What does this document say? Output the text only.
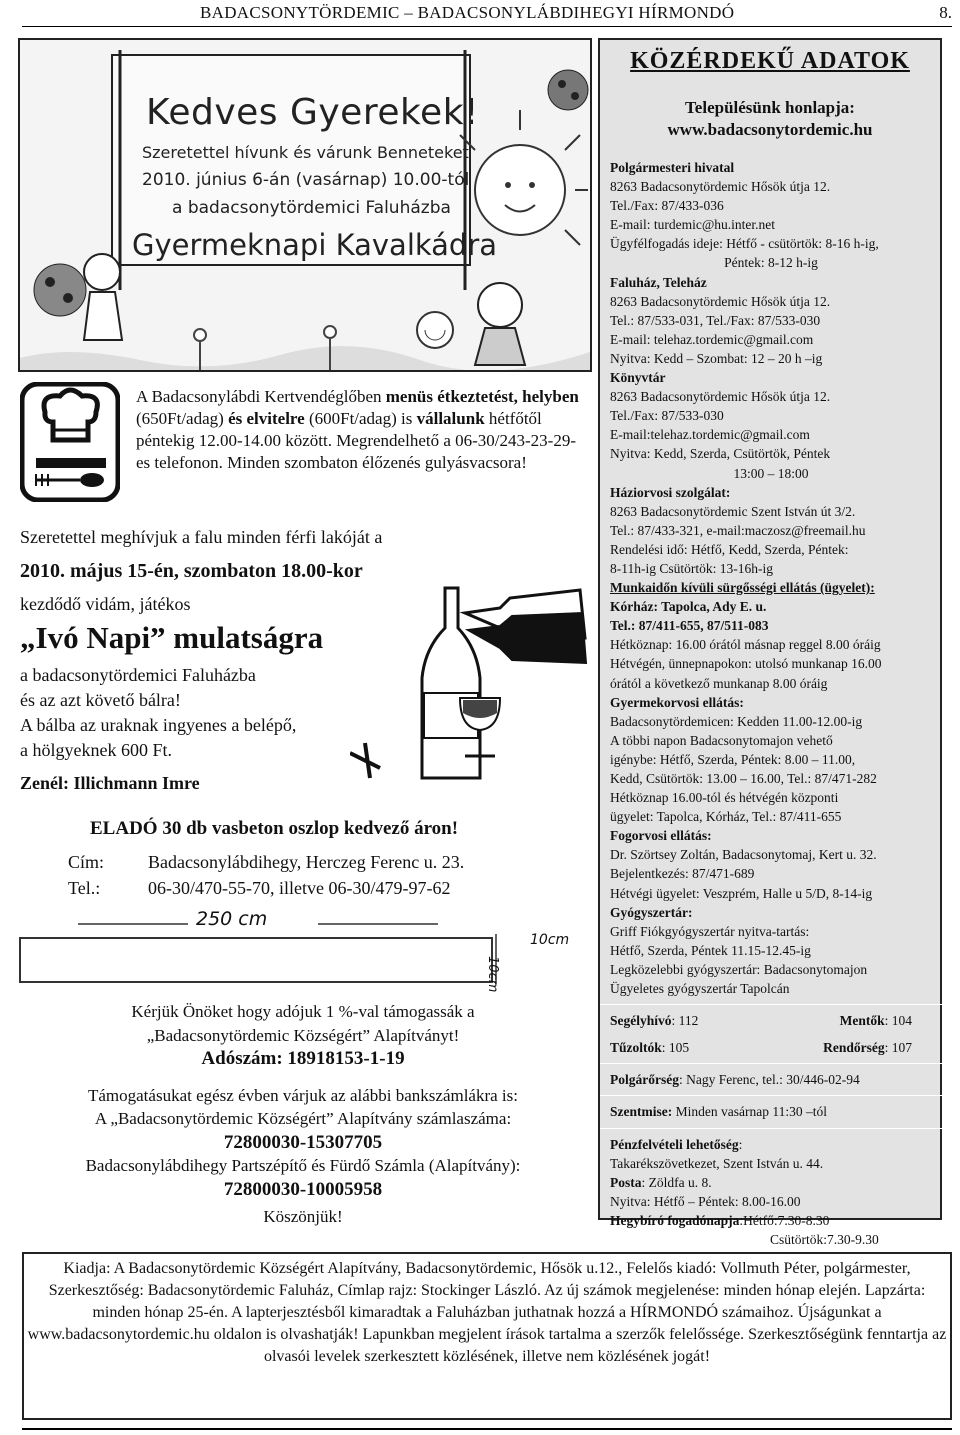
BADACSONYTÖRDEMIC – BADACSONYLÁBDIHEGYI HÍRMONDÓ	8.
Kedves Gyerekek!
Szeretettel hívunk és várunk Benneteket
2010. június 6-án (vasárnap) 10.00-tól
a badacsonytördemici Faluházba
Gyermeknapi Kavalkádra
A Badacsonylábdi Kertvendéglőben menüs étkeztetést, helyben (650Ft/adag) és elvitelre (600Ft/adag) is vállalunk hétfőtől péntekig 12.00-14.00 között. Megrendelhető a 06-30/243-23-29-es telefonon. Minden szombaton élőzenés gulyásvacsora!
Szeretettel meghívjuk a falu minden férfi lakóját a
2010. május 15-én, szombaton 18.00-kor
kezdődő vidám, játékos
„Ivó Napi” mulatságra
a badacsonytördemici Faluházba
és az azt követő bálra!
A bálba az uraknak ingyenes a belépő,
a hölgyeknek 600 Ft.
Zenél: Illichmann Imre
ELADÓ 30 db vasbeton oszlop kedvező áron!
Cím: Badacsonylábdihegy, Herczeg Ferenc u. 23.
Tel.:	06-30/470-55-70, illetve 06-30/479-97-62
250 cm
10cm
10cm
Kérjük Önöket hogy adójuk 1 %-val támogassák a
„Badacsonytördemic Községért” Alapítványt!
Adószám: 18918153-1-19
Támogatásukat egész évben várjuk az alábbi bankszámlákra is:
A „Badacsonytördemic Községért” Alapítvány számlaszáma:
72800030-15307705
Badacsonylábdihegy Partszépítő és Fürdő Számla (Alapítvány):
72800030-10005958
Köszönjük!
KÖZÉRDEKŰ ADATOK
Településünk honlapja:
www.badacsonytordemic.hu
Polgármesteri hivatal
8263 Badacsonytördemic Hősök útja 12.
Tel./Fax: 87/433-036
E-mail: turdemic@hu.inter.net
Ügyfélfogadás ideje: Hétfő - csütörtök: 8-16 h-ig,
Péntek: 8-12 h-ig
Faluház, Teleház
8263 Badacsonytördemic Hősök útja 12.
Tel.: 87/533-031, Tel./Fax: 87/533-030
E-mail: telehaz.tordemic@gmail.com
Nyitva: Kedd – Szombat: 12 – 20 h –ig
Könyvtár
8263 Badacsonytördemic Hősök útja 12.
Tel./Fax: 87/533-030
E-mail:telehaz.tordemic@gmail.com
Nyitva: Kedd, Szerda, Csütörtök, Péntek
13:00 – 18:00
Háziorvosi szolgálat:
8263 Badacsonytördemic Szent István út 3/2.
Tel.: 87/433-321, e-mail:maczosz@freemail.hu
Rendelési idő: Hétfő, Kedd, Szerda, Péntek:
8-11h-ig Csütörtök: 13-16h-ig
Munkaidőn kívüli sürgősségi ellátás (ügyelet):
Kórház: Tapolca, Ady E. u.
Tel.: 87/411-655, 87/511-083
Hétköznap: 16.00 órától másnap reggel 8.00 óráig
Hétvégén, ünnepnapokon: utolsó munkanap 16.00
órától a következő munkanap 8.00 óráig
Gyermekorvosi ellátás:
Badacsonytördemicen: Kedden 11.00-12.00-ig
A többi napon Badacsonytomajon vehető
igénybe: Hétfő, Szerda, Péntek: 8.00 – 11.00,
Kedd, Csütörtök: 13.00 – 16.00, Tel.: 87/471-282
Hétköznap 16.00-tól és hétvégén központi
ügyelet: Tapolca, Kórház, Tel.: 87/411-655
Fogorvosi ellátás:
Dr. Szörtsey Zoltán, Badacsonytomaj, Kert u. 32.
Bejelentkezés: 87/471-689
Hétvégi ügyelet: Veszprém, Halle u 5/D, 8-14-ig
Gyógyszertár:
Griff Fiókgyógyszertár nyitva-tartás:
Hétfő, Szerda, Péntek 11.15-12.45-ig
Legközelebbi gyógyszertár: Badacsonytomajon
Ügyeletes gyógyszertár Tapolcán
Segélyhívó: 112	Mentők: 104
Tűzoltók: 105	Rendőrség: 107
Polgárőrség: Nagy Ferenc, tel.: 30/446-02-94
Szentmise: Minden vasárnap 11:30 –tól
Pénzfelvételi lehetőség:
Takarékszövetkezet, Szent István u. 44.
Posta: Zöldfa u. 8.
Nyitva: Hétfő – Péntek: 8.00-16.00
Hegybíró fogadónapja:Hétfő:7.30-8.30
Csütörtök:7.30-9.30
Kiadja: A Badacsonytördemic Községért Alapítvány, Badacsonytördemic, Hősök u.12., Felelős kiadó: Vollmuth Péter, polgármester, Szerkesztőség: Badacsonytördemic Faluház, Címlap rajz: Stockinger László. Az új számok megjelenése: minden hónap elején. Lapzárta: minden hónap 25-én. A lapterjesztésből kimaradtak a Faluházban juthatnak hozzá a HÍRMONDÓ számaihoz. Újságunkat a www.badacsonytordemic.hu oldalon is olvashatják! Lapunkban megjelent írások tartalma a szerzők felelőssége. Szerkesztőségünk fenntartja az olvasói levelek szerkesztett közlésének, illetve nem közlésének jogát!
